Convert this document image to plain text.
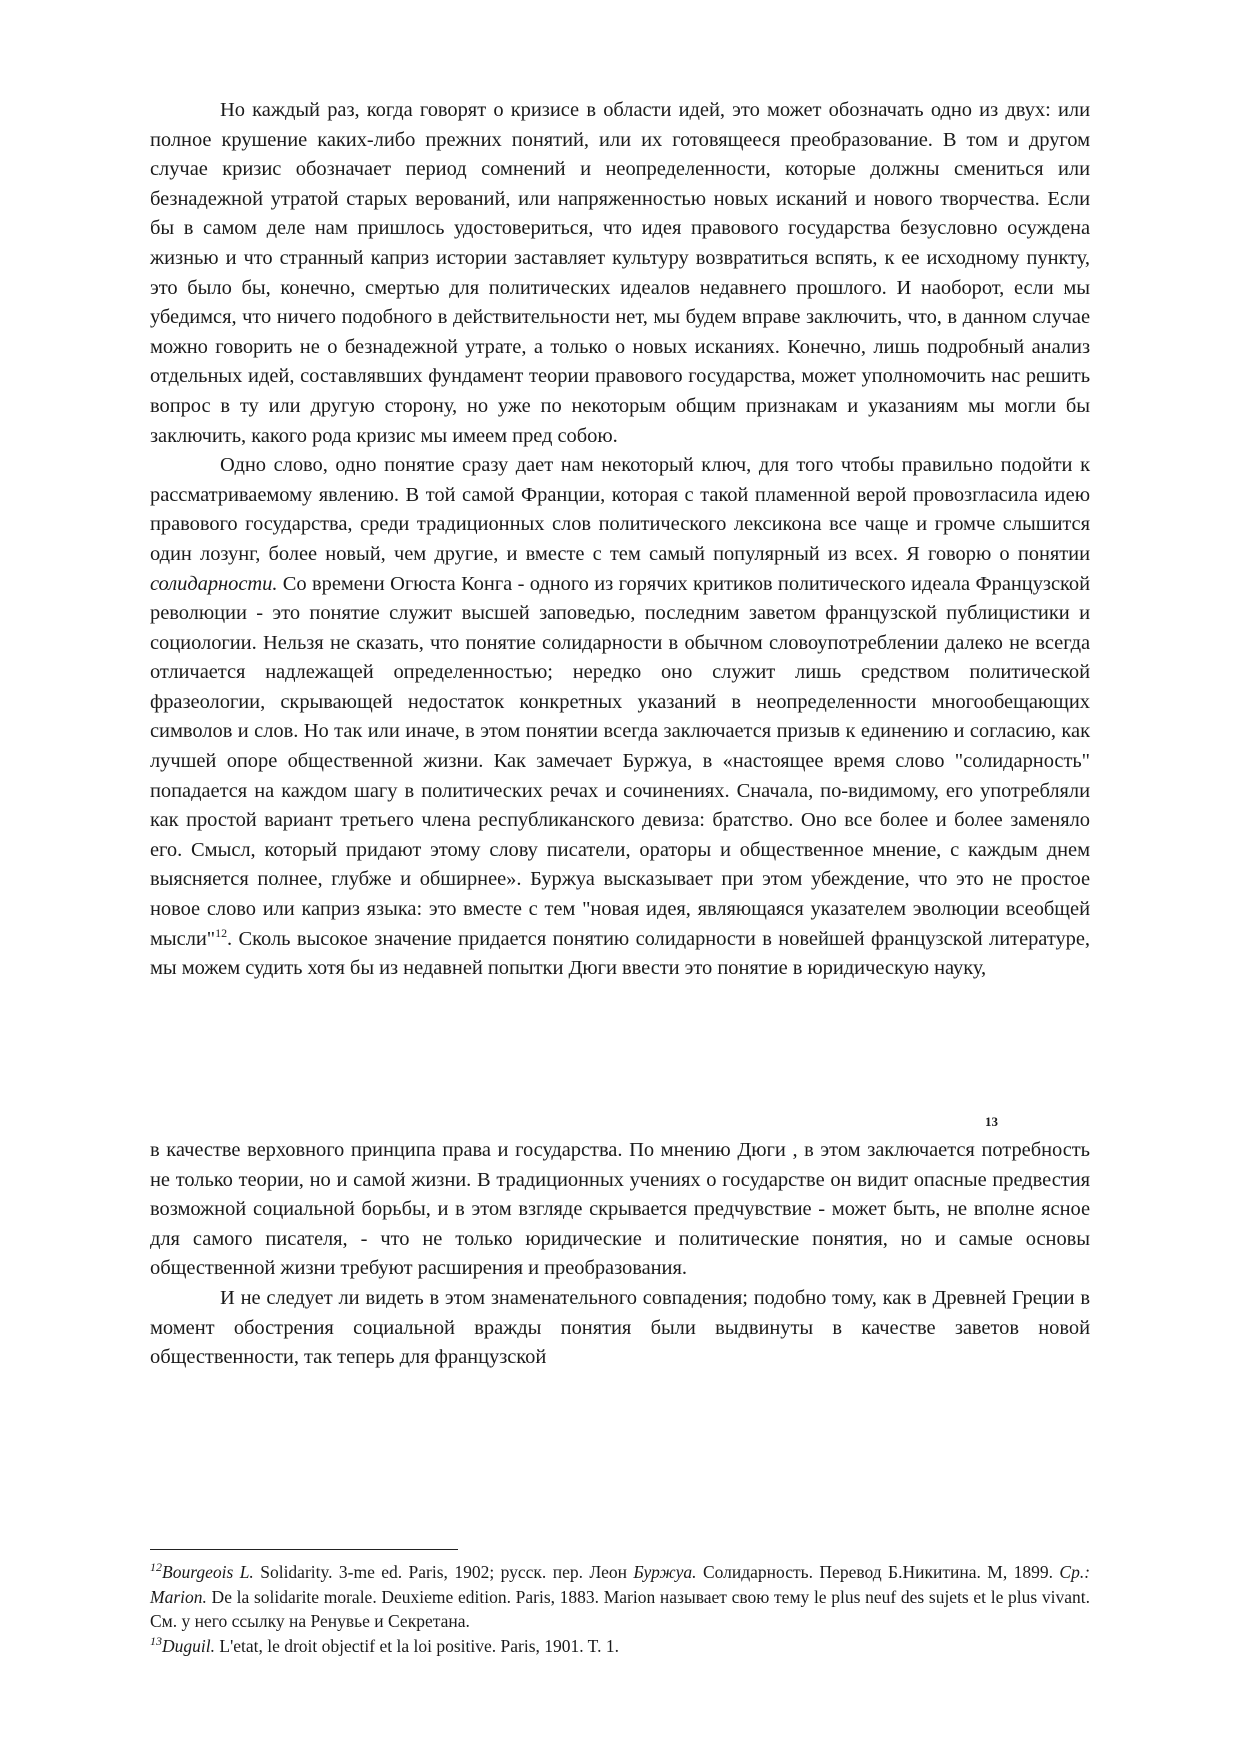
Но каждый раз, когда говорят о кризисе в области идей, это может обозначать одно из двух: или полное крушение каких-либо прежних понятий, или их готовящееся преобразование. В том и другом случае кризис обозначает период сомнений и неопределенности, которые должны смениться или безнадежной утратой старых верований, или напряженностью новых исканий и нового творчества. Если бы в самом деле нам пришлось удостовериться, что идея правового государства безусловно осуждена жизнью и что странный каприз истории заставляет культуру возвратиться вспять, к ее исходному пункту, это было бы, конечно, смертью для политических идеалов недавнего прошлого. И наоборот, если мы убедимся, что ничего подобного в действительности нет, мы будем вправе заключить, что, в данном случае можно говорить не о безнадежной утрате, а только о новых исканиях. Конечно, лишь подробный анализ отдельных идей, составлявших фундамент теории правового государства, может уполномочить нас решить вопрос в ту или другую сторону, но уже по некоторым общим признакам и указаниям мы могли бы заключить, какого рода кризис мы имеем пред собою.

Одно слово, одно понятие сразу дает нам некоторый ключ, для того чтобы правильно подойти к рассматриваемому явлению. В той самой Франции, которая с такой пламенной верой провозгласила идею правового государства, среди традиционных слов политического лексикона все чаще и громче слышится один лозунг, более новый, чем другие, и вместе с тем самый популярный из всех. Я говорю о понятии солидарности. Со времени Огюста Конга - одного из горячих критиков политического идеала Французской революции - это понятие служит высшей заповедью, последним заветом французской публицистики и социологии. Нельзя не сказать, что понятие солидарности в обычном словоупотреблении далеко не всегда отличается надлежащей определенностью; нередко оно служит лишь средством политической фразеологии, скрывающей недостаток конкретных указаний в неопределенности многообещающих символов и слов. Но так или иначе, в этом понятии всегда заключается призыв к единению и согласию, как лучшей опоре общественной жизни. Как замечает Буржуа, в «настоящее время слово "солидарность" попадается на каждом шагу в политических речах и сочинениях. Сначала, по-видимому, его употребляли как простой вариант третьего члена республиканского девиза: братство. Оно все более и более заменяло его. Смысл, который придают этому слову писатели, ораторы и общественное мнение, с каждым днем выясняется полнее, глубже и обширнее». Буржуа высказывает при этом убеждение, что это не простое новое слово или каприз языка: это вместе с тем "новая идея, являющаяся указателем эволюции всеобщей мысли"$^{12}$. Сколь высокое значение придается понятию солидарности в новейшей французской литературе, мы можем судить хотя бы из недавней попытки Дюги ввести это понятие в юридическую науку,

13

в качестве верховного принципа права и государства. По мнению Дюги , в этом заключается потребность не только теории, но и самой жизни. В традиционных учениях о государстве он видит опасные предвестия возможной социальной борьбы, и в этом взгляде скрывается предчувствие - может быть, не вполне ясное для самого писателя, - что не только юридические и политические понятия, но и самые основы общественной жизни требуют расширения и преобразования.

И не следует ли видеть в этом знаменательного совпадения; подобно тому, как в Древней Греции в момент обострения социальной вражды понятия были выдвинуты в качестве заветов новой общественности, так теперь для французской

$^{12}$Bourgeois L. Solidarity. 3-me ed. Paris, 1902; русск. пер. Леон Буржуа. Солидарность. Перевод Б.Никитина. М, 1899. Ср.: Marion. De la solidarite morale. Deuxieme edition. Paris, 1883. Marion называет свою тему le plus neuf des sujets et le plus vivant. См. у него ссылку на Ренувье и Секретана.

$^{13}$Duguil. L'etat, le droit objectif et la loi positive. Paris, 1901. T. 1.
